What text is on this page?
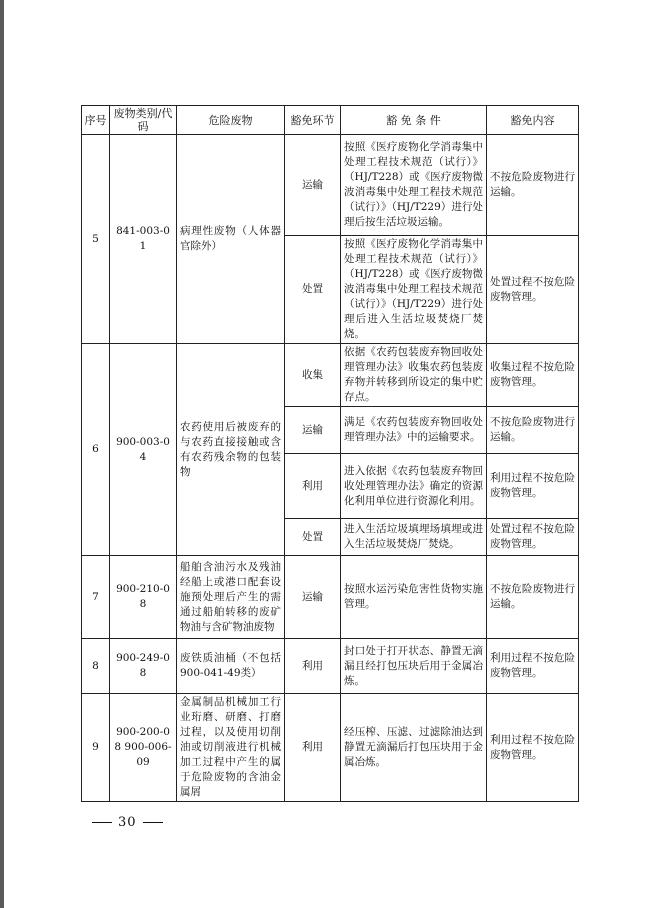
序号	废物类别/代码	危险废物	豁免环节	豁 免 条 件	豁免内容
5	841-003-01	病理性废物（人体器官除外）	运输	按照《医疗废物化学消毒集中处理工程技术规范（试行）》（HJ/T228）或《医疗废物微波消毒集中处理工程技术规范（试行）》（HJ/T229）进行处理后按生活垃圾运输。	不按危险废物进行运输。
			处置	按照《医疗废物化学消毒集中处理工程技术规范（试行）》（HJ/T228）或《医疗废物微波消毒集中处理工程技术规范（试行）》（HJ/T229）进行处理后进入生活垃圾焚烧厂焚烧。	处置过程不按危险废物管理。
6	900-003-04	农药使用后被废弃的与农药直接接触或含有农药残余物的包装物	收集	依据《农药包装废弃物回收处理管理办法》收集农药包装废弃物并转移到所设定的集中贮存点。	收集过程不按危险废物管理。
			运输	满足《农药包装废弃物回收处理管理办法》中的运输要求。	不按危险废物进行运输。
			利用	进入依据《农药包装废弃物回收处理管理办法》确定的资源化利用单位进行资源化利用。	利用过程不按危险废物管理。
			处置	进入生活垃圾填埋场填埋或进入生活垃圾焚烧厂焚烧。	处置过程不按危险废物管理。
7	900-210-08	船舶含油污水及残油经船上或港口配套设施预处理后产生的需通过船舶转移的废矿物油与含矿物油废物	运输	按照水运污染危害性货物实施管理。	不按危险废物进行运输。
8	900-249-08	废铁质油桶（不包括900-041-49类）	利用	封口处于打开状态、静置无滴漏且经打包压块后用于金属冶炼。	利用过程不按危险废物管理。
9	900-200-08 900-006-09	金属制品机械加工行业珩磨、研磨、打磨过程，以及使用切削油或切削液进行机械加工过程中产生的属于危险废物的含油金属屑	利用	经压榨、压滤、过滤除油达到静置无滴漏后打包压块用于金属冶炼。	利用过程不按危险废物管理。
30
